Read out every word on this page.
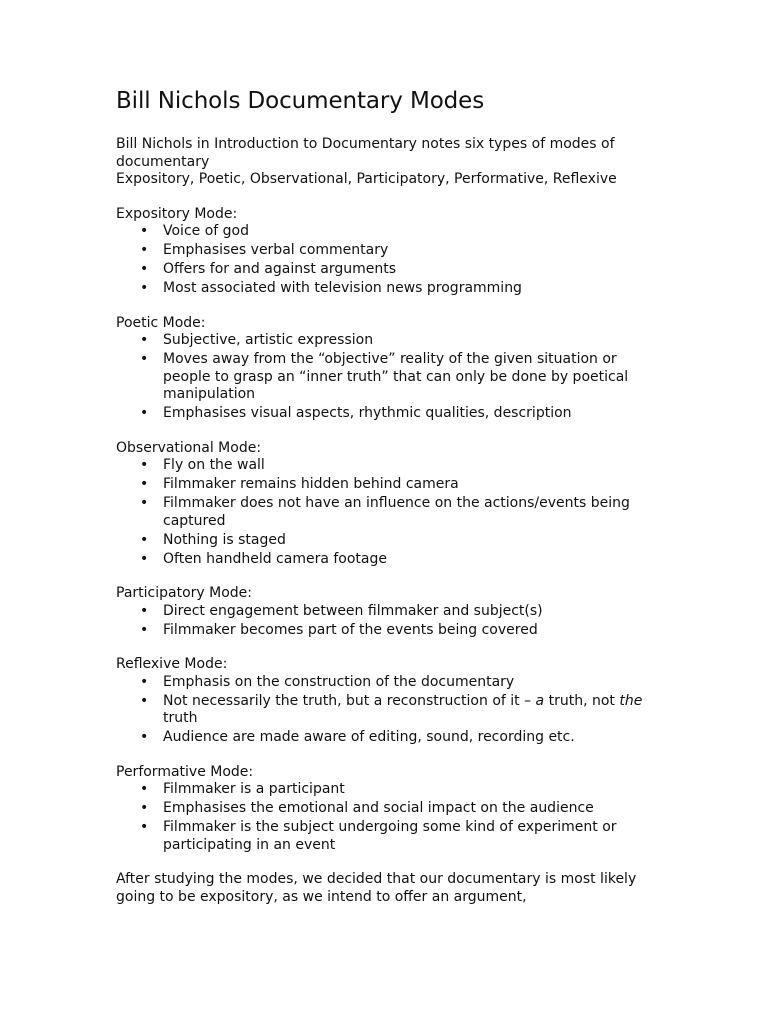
Bill Nichols Documentary Modes
Bill Nichols in Introduction to Documentary notes six types of modes of documentary
Expository, Poetic, Observational, Participatory, Performative, Reflexive

Expository Mode:

• Voice of god
• Emphasises verbal commentary
• Offers for and against arguments
• Most associated with television news programming

Poetic Mode:

• Subjective, artistic expression
• Moves away from the “objective” reality of the given situation or people to grasp an “inner truth” that can only be done by poetical manipulation
• Emphasises visual aspects, rhythmic qualities, description

Observational Mode:

• Fly on the wall
• Filmmaker remains hidden behind camera
• Filmmaker does not have an influence on the actions/events being captured
• Nothing is staged
• Often handheld camera footage

Participatory Mode:

• Direct engagement between filmmaker and subject(s)
• Filmmaker becomes part of the events being covered

Reflexive Mode:

• Emphasis on the construction of the documentary
• Not necessarily the truth, but a reconstruction of it – a truth, not the truth
• Audience are made aware of editing, sound, recording etc.

Performative Mode:

• Filmmaker is a participant
• Emphasises the emotional and social impact on the audience
• Filmmaker is the subject undergoing some kind of experiment or participating in an event

After studying the modes, we decided that our documentary is most likely going to be expository, as we intend to offer an argument,
